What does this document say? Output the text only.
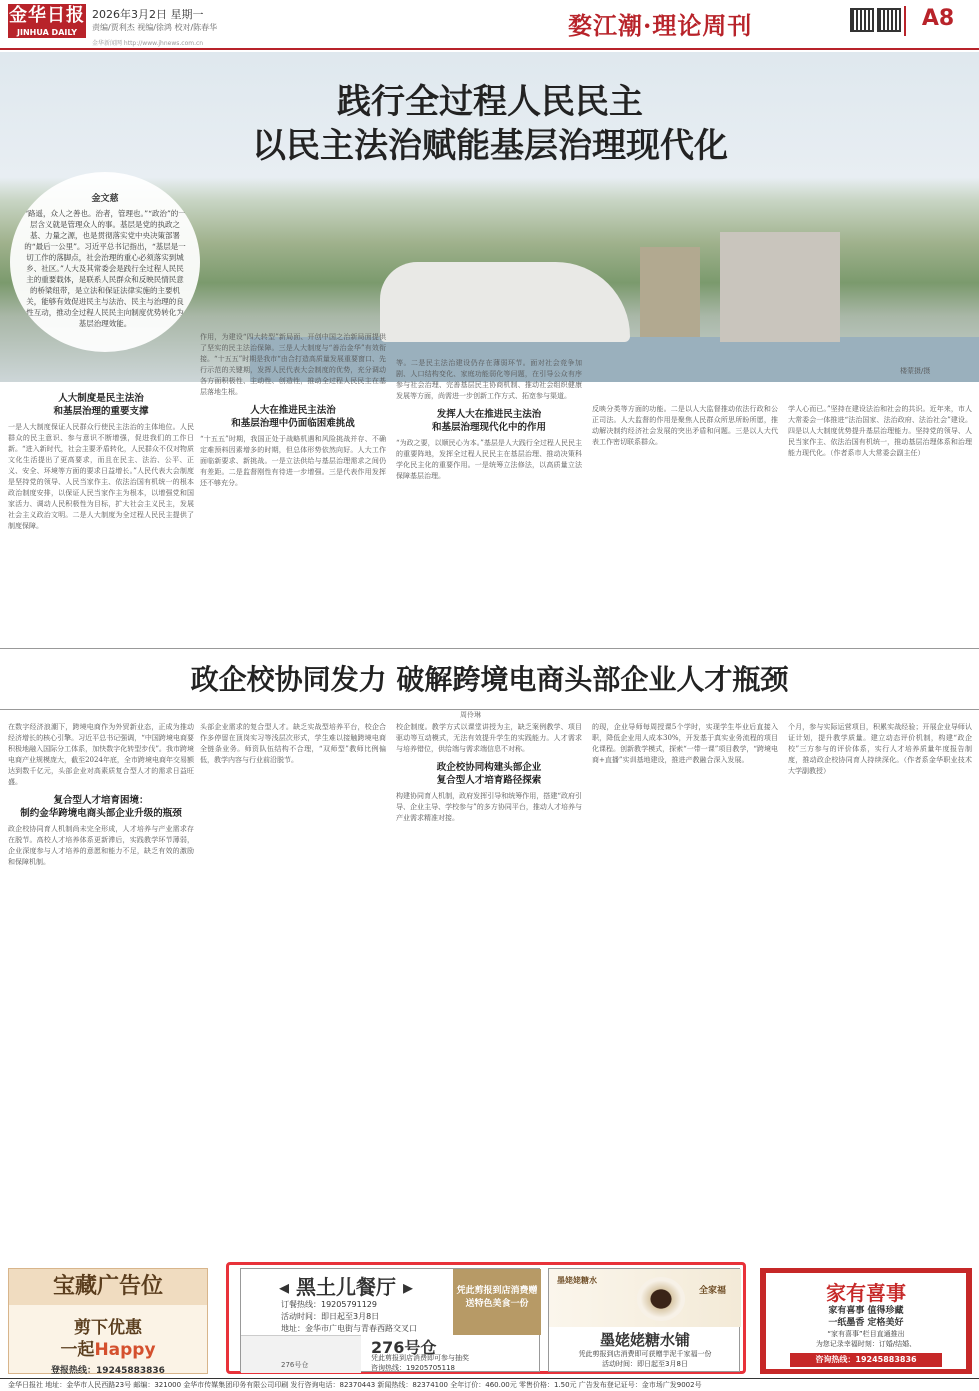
金华日报
JINHUA DAILY
2026年3月2日 星期一
责编/贾利杰 视编/徐鸿 校对/陈春华
金华新闻网 http://www.jhnews.com.cn
婺江潮·理论周刊	A8
践行全过程人民民主
以民主法治赋能基层治理现代化
金文慈
“路遥，众人之善也。治者，管理也。”“政治”的一层含义就是管理众人的事。基层是党的执政之基、力量之源，也是贯彻落实党中央决策部署的“最后一公里”。习近平总书记指出，“基层是一切工作的落脚点，社会治理的重心必须落实到城乡、社区。”人大及其常委会是践行全过程人民民主的重要载体，是联系人民群众和反映民情民意的桥梁纽带，是立法和保证法律实施的主要机关，能够有效促进民主与法治、民主与治理的良性互动，推动全过程人民民主向制度优势转化为基层治理效能。
楼蒙摄/摄
人大制度是民主法治
和基层治理的重要支撑
一是人大制度保证人民群众行使民主法治的主体地位。人民群众的民主意识、参与意识不断增强，促进我们的工作日新。“进入新时代，社会主要矛盾转化，人民群众不仅对物质文化生活提出了更高要求，而且在民主、法治、公平、正义、安全、环境等方面的要求日益增长。”人民代表大会制度是坚持党的领导、人民当家作主、依法治国有机统一的根本政治制度安排，以保证人民当家作主为根本，以增强党和国家活力、调动人民积极性为目标，扩大社会主义民主，发展社会主义政治文明。二是人大制度为全过程人民民主提供了制度保障。
作用，为建设“四大转型”新局面、开创中国之治新局面提供了坚实的民主法治保障。三是人大制度与“善治金华”有效衔接。“十五五”时期是我市“由合打造高质量发展重要窗口、先行示范的关键期，发挥人民代表大会制度的优势，充分调动各方面积极性、主动性、创造性，推动全过程人民民主在基层落地生根。
人大在推进民主法治
和基层治理中仍面临困难挑战
“十五五”时期，我国正处于战略机遇和风险挑战并存、不确定难预料因素增多的时期，但总体形势依然向好。人大工作面临新要求、新挑战。一是立法供给与基层治理需求之间仍有差距。二是监督刚性有待进一步增强。三是代表作用发挥还不够充分。
等。二是民主法治建设仍存在薄弱环节。面对社会竞争加剧、人口结构变化、家庭功能弱化等问题，在引导公众有序参与社会治理、完善基层民主协商机制、推动社会组织健康发展等方面，尚需进一步创新工作方式、拓宽参与渠道。
发挥人大在推进民主法治
和基层治理现代化中的作用
“为政之要，以顺民心为本。”基层是人大践行全过程人民民主的重要阵地，发挥全过程人民民主在基层治理、推动决策科学化民主化的重要作用。一是统筹立法修法，以高质量立法保障基层治理。
反映分类等方面的功能。二是以人大监督推动依法行政和公正司法。人大监督的作用是聚焦人民群众所思所盼所愿，推动解决制约经济社会发展的突出矛盾和问题。三是以人大代表工作密切联系群众。
学人心而已。”坚持在建设法治和社会的共识。近年来，市人大常委会一体推进“法治国家、法治政府、法治社会”建设。四是以人大制度优势提升基层治理能力。坚持党的领导、人民当家作主、依法治国有机统一，推动基层治理体系和治理能力现代化。（作者系市人大常委会副主任）
政企校协同发力 破解跨境电商头部企业人才瓶颈
周伶琳
在数字经济浪潮下，跨境电商作为外贸新业态，正成为推动经济增长的核心引擎。习近平总书记强调，“中国跨境电商要积极地融入国际分工体系，加快数字化转型步伐”。我市跨境电商产业规模庞大，截至2024年底，全市跨境电商年交易额达到数千亿元，头部企业对高素质复合型人才的需求日益旺盛。
复合型人才培育困境：
制约金华跨境电商头部企业升级的瓶颈
政企校协同育人机制尚未完全形成，人才培养与产业需求存在脱节。高校人才培养体系更新滞后，实践教学环节薄弱，企业深度参与人才培养的意愿和能力不足，缺乏有效的激励和保障机制。
头部企业需求的复合型人才。缺乏实战型培养平台，校企合作多停留在顶岗实习等浅层次形式，学生难以接触跨境电商全链条业务。师资队伍结构不合理，“双师型”教师比例偏低，教学内容与行业前沿脱节。
校企制度。教学方式以课堂讲授为主，缺乏案例教学、项目驱动等互动模式，无法有效提升学生的实践能力。人才需求与培养错位，供给端与需求端信息不对称。
政企校协同构建头部企业
复合型人才培育路径探索
构建协同育人机制，政府发挥引导和统筹作用，搭建“政府引导、企业主导、学校参与”的多方协同平台，推动人才培养与产业需求精准对接。
的现，企业导师每周授课5个学时，实现学生毕业后直接入职，降低企业用人成本30%，开发基于真实业务流程的项目化课程。创新教学模式，探索“一带一课”项目教学，“跨境电商+直播”实训基地建设，推进产教融合深入发展。
个月，参与实际运营项目，积累实战经验；开展企业导师认证计划，提升教学质量。建立动态评价机制，构建“政企校”三方参与的评价体系，实行人才培养质量年度报告制度，推动政企校协同育人持续深化。（作者系金华职业技术大学副教授）
宝藏广告位
剪下优惠
一起Happy
登报热线：19245883836
◂ 黑土儿餐厅 ▸
订餐热线：19205791129
活动时间：即日起至3月8日
地址：金华市广电街与青春西路交叉口
凭此剪报到店消费赠送特色美食一份
276号仓
276号仓
凭此剪报到店消费即可参与抽奖
咨询热线：19205705118
墨姥姥糖水
全家福
墨姥姥糖水铺
凭此剪报到店消费即可获赠芋泥千家福一份
活动时间：即日起至3月8日
家有喜事
家有喜事 值得珍藏
一纸墨香 定格美好
“家有喜事”栏目直通推出
为您记录幸福时刻：订婚/结婚、
咨询热线：19245883836
金华日报社 地址：金华市人民西路23号 邮编：321000 金华市传媒集团印务有限公司印刷 发行咨询电话：82370443 新闻热线：82374100 全年订价：460.00元 零售价格：1.50元 广告发布登记证号：金市场广发9002号
